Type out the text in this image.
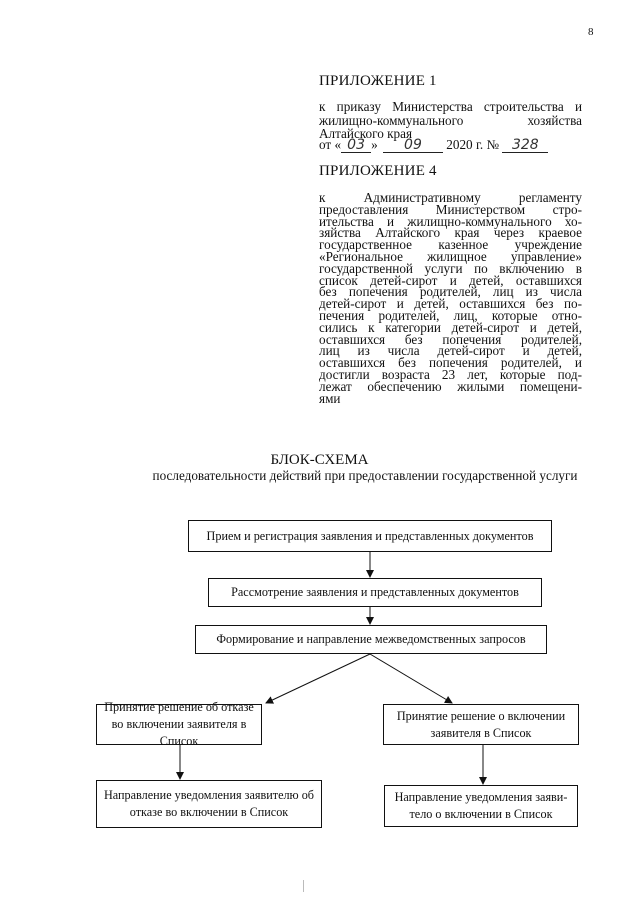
8
ПРИЛОЖЕНИЕ 1
к приказу Министерства строительства и жилищно-коммунального хозяйства Алтайского края
от « 03 » 09 2020 г. № 328
ПРИЛОЖЕНИЕ 4
к Административному регламенту
предоставления Министерством стро-
ительства и жилищно-коммунального хо-
зяйства Алтайского края через краевое
государственное казенное учреждение
«Региональное жилищное управление»
государственной услуги по включению в
список детей-сирот и детей, оставшихся
без попечения родителей, лиц из числа
детей-сирот и детей, оставшихся без по-
печения родителей, лиц, которые отно-
сились к категории детей-сирот и детей,
оставшихся без попечения родителей,
лиц из числа детей-сирот и детей,
оставшихся без попечения родителей, и
достигли возраста 23 лет, которые под-
лежат обеспечению жилыми помещени-
ями
БЛОК-СХЕМА
последовательности действий при предоставлении государственной услуги
Прием и регистрация заявления и представленных документов
Рассмотрение заявления и представленных документов
Формирование и направление межведомственных запросов
Принятие решение об отказе во включении заявителя в Список
Принятие решение о включении заявителя в Список
Направление уведомления заявителю об отказе во включении в Список
Направление уведомления заяви-тело о включении в Список
